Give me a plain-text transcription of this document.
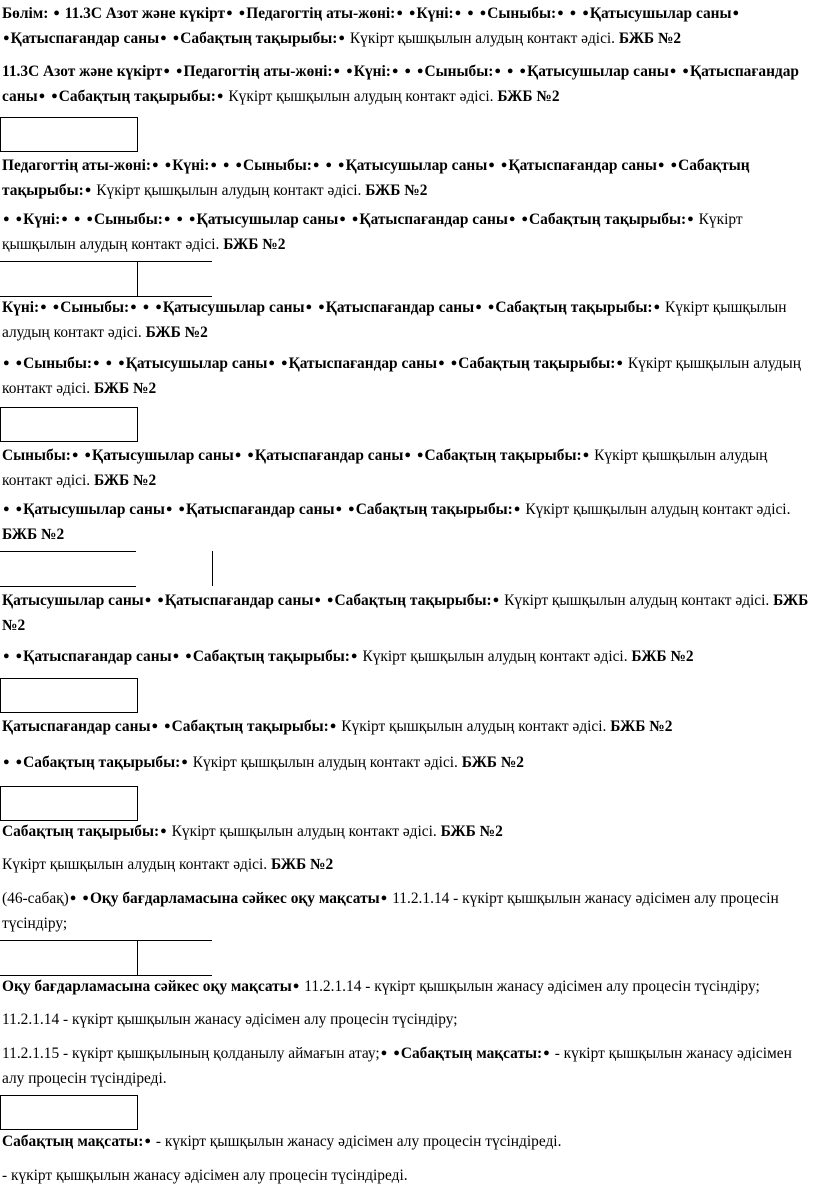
Бөлім: ● 11.3С Азот және күкірт● ●Педагогтің аты-жөні:● ●Күні:● ● ●Сыныбы:● ● ●Қатысушылар саны● ●Қатыспағандар саны● ●Сабақтың тақырыбы:● Күкірт қышқылын алудың контакт әдісі. БЖБ №2

11.3С Азот және күкірт● ●Педагогтің аты-жөні:● ●Күні:● ● ●Сыныбы:● ● ●Қатысушылар саны● ●Қатыспағандар саны● ●Сабақтың тақырыбы:● Күкірт қышқылын алудың контакт әдісі. БЖБ №2

Педагогтің аты-жөні:● ●Күні:● ● ●Сыныбы:● ● ●Қатысушылар саны● ●Қатыспағандар саны● ●Сабақтың тақырыбы:● Күкірт қышқылын алудың контакт әдісі. БЖБ №2

● ●Күні:● ● ●Сыныбы:● ● ●Қатысушылар саны● ●Қатыспағандар саны● ●Сабақтың тақырыбы:● Күкірт қышқылын алудың контакт әдісі. БЖБ №2

Күні:● ●Сыныбы:● ● ●Қатысушылар саны● ●Қатыспағандар саны● ●Сабақтың тақырыбы:● Күкірт қышқылын алудың контакт әдісі. БЖБ №2

● ●Сыныбы:● ● ●Қатысушылар саны● ●Қатыспағандар саны● ●Сабақтың тақырыбы:● Күкірт қышқылын алудың контакт әдісі. БЖБ №2

Сыныбы:● ●Қатысушылар саны● ●Қатыспағандар саны● ●Сабақтың тақырыбы:● Күкірт қышқылын алудың контакт әдісі. БЖБ №2

● ●Қатысушылар саны● ●Қатыспағандар саны● ●Сабақтың тақырыбы:● Күкірт қышқылын алудың контакт әдісі. БЖБ №2

Қатысушылар саны● ●Қатыспағандар саны● ●Сабақтың тақырыбы:● Күкірт қышқылын алудың контакт әдісі. БЖБ №2

● ●Қатыспағандар саны● ●Сабақтың тақырыбы:● Күкірт қышқылын алудың контакт әдісі. БЖБ №2

Қатыспағандар саны● ●Сабақтың тақырыбы:● Күкірт қышқылын алудың контакт әдісі. БЖБ №2

● ●Сабақтың тақырыбы:● Күкірт қышқылын алудың контакт әдісі. БЖБ №2

Сабақтың тақырыбы:● Күкірт қышқылын алудың контакт әдісі. БЖБ №2

Күкірт қышқылын алудың контакт әдісі. БЖБ №2

(46-сабақ)● ●Оқу бағдарламасына сәйкес оқу мақсаты● 11.2.1.14 - күкірт қышқылын жанасу әдісімен алу процесін түсіндіру;

Оқу бағдарламасына сәйкес оқу мақсаты● 11.2.1.14 - күкірт қышқылын жанасу әдісімен алу процесін түсіндіру;

11.2.1.14 - күкірт қышқылын жанасу әдісімен алу процесін түсіндіру;

11.2.1.15 - күкірт қышқылының қолданылу аймағын атау;● ●Сабақтың мақсаты:● - күкірт қышқылын жанасу әдісімен алу процесін түсіндіреді.

Сабақтың мақсаты:● - күкірт қышқылын жанасу әдісімен алу процесін түсіндіреді.

- күкірт қышқылын жанасу әдісімен алу процесін түсіндіреді.
